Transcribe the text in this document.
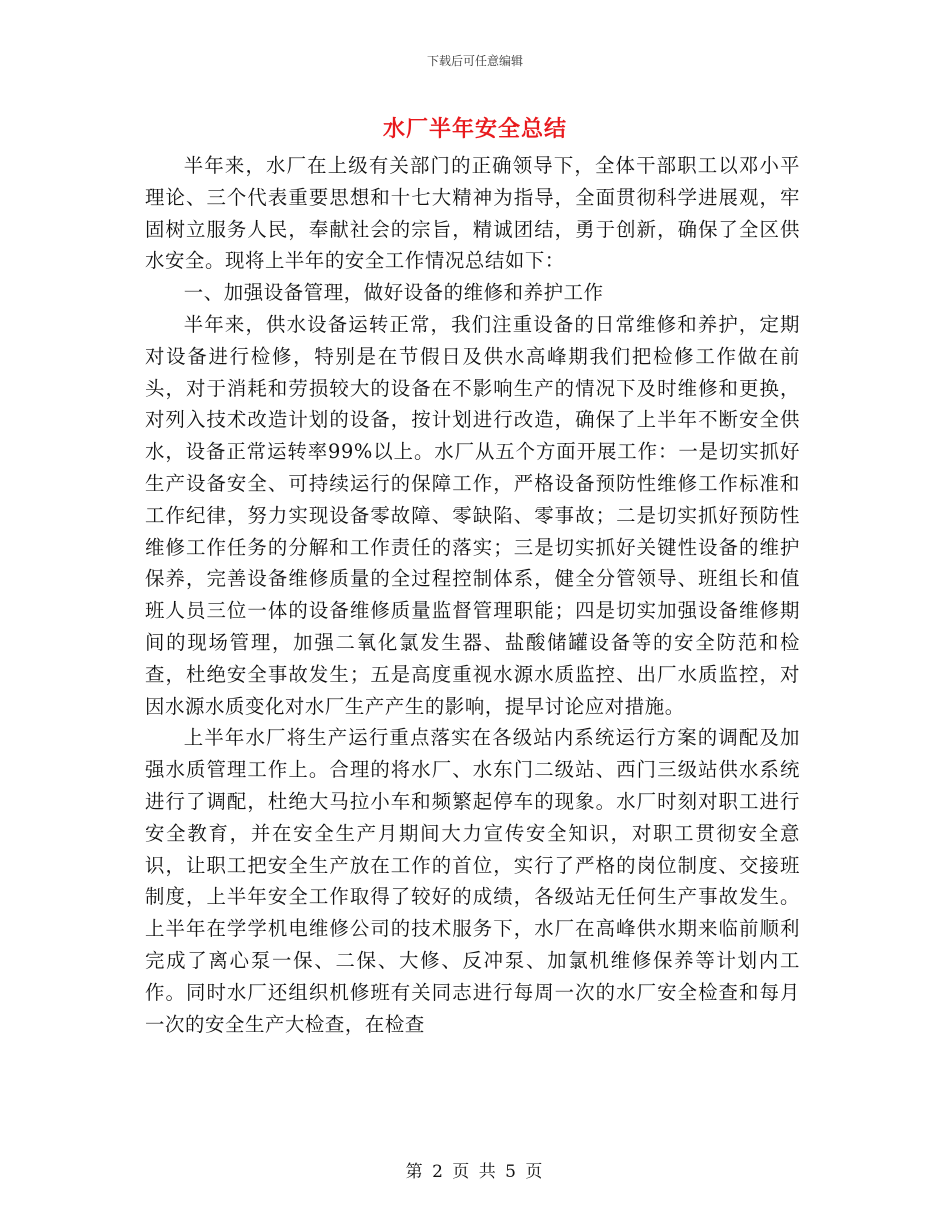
下载后可任意编辑
水厂半年安全总结

半年来，水厂在上级有关部门的正确领导下，全体干部职工以邓小平理论、三个代表重要思想和十七大精神为指导，全面贯彻科学进展观，牢固树立服务人民，奉献社会的宗旨，精诚团结，勇于创新，确保了全区供水安全。现将上半年的安全工作情况总结如下：

一、加强设备管理，做好设备的维修和养护工作

半年来，供水设备运转正常，我们注重设备的日常维修和养护，定期对设备进行检修，特别是在节假日及供水高峰期我们把检修工作做在前头，对于消耗和劳损较大的设备在不影响生产的情况下及时维修和更换，对列入技术改造计划的设备，按计划进行改造，确保了上半年不断安全供水，设备正常运转率99%以上。水厂从五个方面开展工作：一是切实抓好生产设备安全、可持续运行的保障工作，严格设备预防性维修工作标准和工作纪律，努力实现设备零故障、零缺陷、零事故；二是切实抓好预防性维修工作任务的分解和工作责任的落实；三是切实抓好关键性设备的维护保养，完善设备维修质量的全过程控制体系，健全分管领导、班组长和值班人员三位一体的设备维修质量监督管理职能；四是切实加强设备维修期间的现场管理，加强二氧化氯发生器、盐酸储罐设备等的安全防范和检查，杜绝安全事故发生；五是高度重视水源水质监控、出厂水质监控，对因水源水质变化对水厂生产产生的影响，提早讨论应对措施。

上半年水厂将生产运行重点落实在各级站内系统运行方案的调配及加强水质管理工作上。合理的将水厂、水东门二级站、西门三级站供水系统进行了调配，杜绝大马拉小车和频繁起停车的现象。水厂时刻对职工进行安全教育，并在安全生产月期间大力宣传安全知识，对职工贯彻安全意识，让职工把安全生产放在工作的首位，实行了严格的岗位制度、交接班制度，上半年安全工作取得了较好的成绩，各级站无任何生产事故发生。上半年在学学机电维修公司的技术服务下，水厂在高峰供水期来临前顺利完成了离心泵一保、二保、大修、反冲泵、加氯机维修保养等计划内工作。同时水厂还组织机修班有关同志进行每周一次的水厂安全检查和每月一次的安全生产大检查，在检查

第 2 页 共 5 页
